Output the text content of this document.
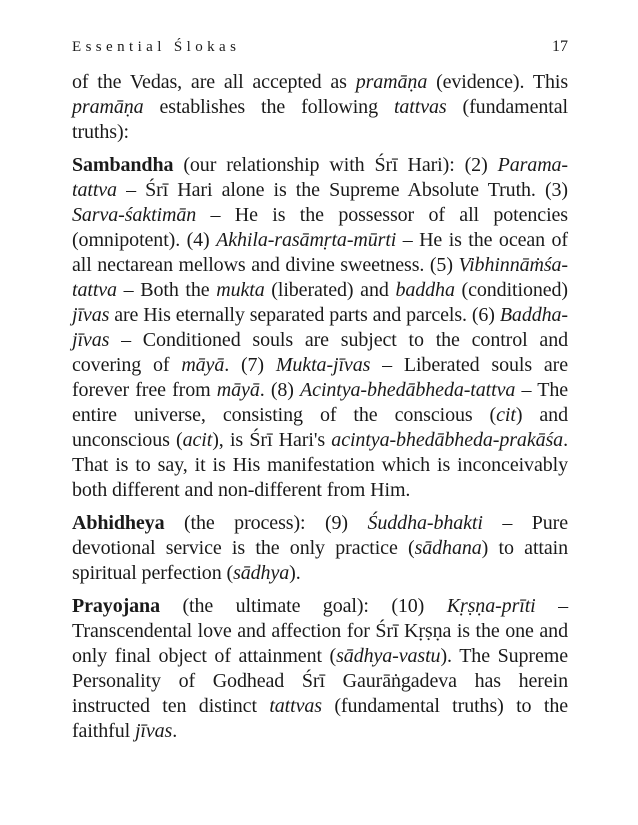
Essential Ślokas	17

of the Vedas, are all accepted as pramāṇa (evidence). This pramāṇa establishes the following tattvas (fundamental truths):

Sambandha (our relationship with Śrī Hari): (2) Parama-tattva – Śrī Hari alone is the Supreme Absolute Truth. (3) Sarva-śaktimān – He is the possessor of all potencies (omnipotent). (4) Akhila-rasāmṛta-mūrti – He is the ocean of all nectarean mellows and divine sweetness. (5) Vibhinnāṁśa-tattva – Both the mukta (liberated) and baddha (conditioned) jīvas are His eternally separated parts and parcels. (6) Baddha-jīvas – Conditioned souls are subject to the control and covering of māyā. (7) Mukta-jīvas – Liberated souls are forever free from māyā. (8) Acintya-bhedābheda-tattva – The entire universe, consisting of the conscious (cit) and unconscious (acit), is Śrī Hari's acintya-bhedābheda-prakāśa. That is to say, it is His manifestation which is inconceivably both different and non-different from Him.

Abhidheya (the process): (9) Śuddha-bhakti – Pure devotional service is the only practice (sādhana) to attain spiritual perfection (sādhya).

Prayojana (the ultimate goal): (10) Kṛṣṇa-prīti – Transcendental love and affection for Śrī Kṛṣṇa is the one and only final object of attainment (sādhya-vastu). The Supreme Personality of Godhead Śrī Gaurāṅgadeva has herein instructed ten distinct tattvas (fundamental truths) to the faithful jīvas.
